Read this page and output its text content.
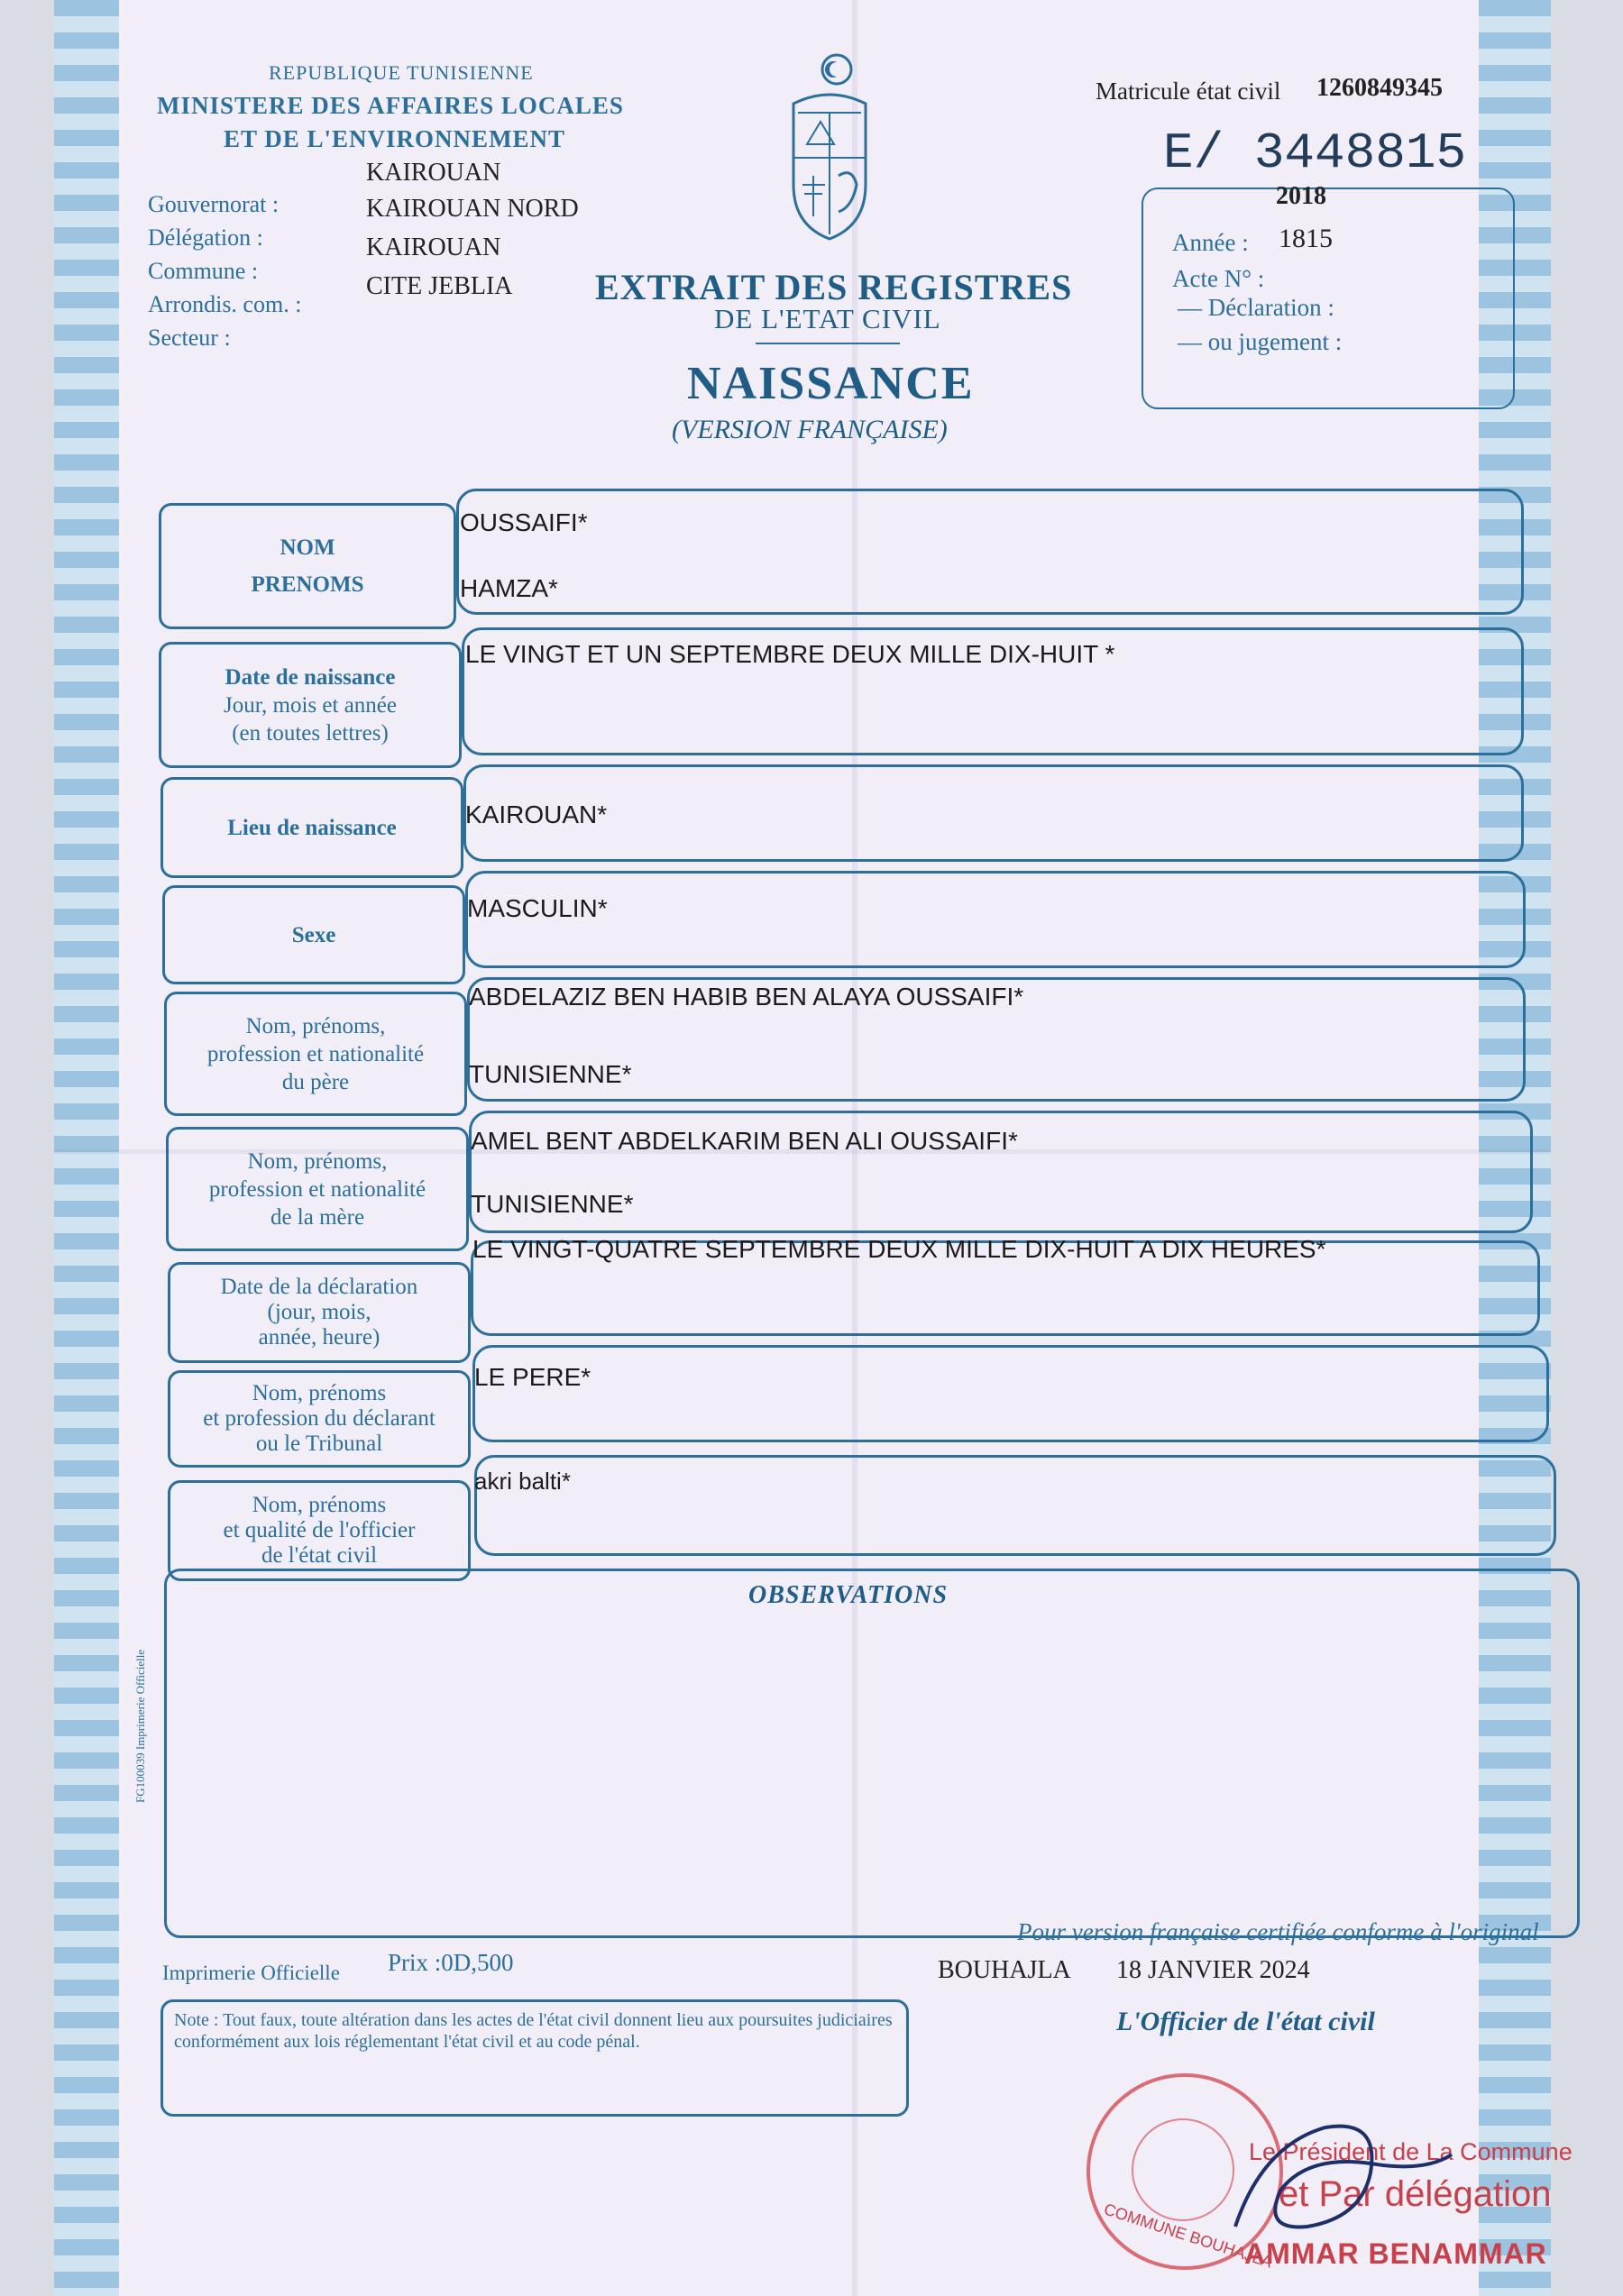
REPUBLIQUE TUNISIENNE
MINISTERE DES AFFAIRES LOCALES
ET DE L'ENVIRONNEMENT
Gouvernorat :
Délégation :
Commune :
Arrondis. com. :
Secteur :
KAIROUAN
KAIROUAN NORD
KAIROUAN
CITE JEBLIA EXTRAIT DES REGISTRES
DE L'ETAT CIVIL
NAISSANCE
(VERSION FRANÇAISE)
Matricule état civil 1260849345
E/ 3448815
2018
Année : 1815
Acte N° :
— Déclaration :
— ou jugement :
NOM
PRENOMS
OUSSAIFI*
HAMZA*
Date de naissance
Jour, mois et année
(en toutes lettres)
LE VINGT ET UN SEPTEMBRE DEUX MILLE DIX-HUIT *
Lieu de naissance	KAIROUAN*
Sexe
MASCULIN*
Nom, prénoms,
profession et nationalité
du père
ABDELAZIZ BEN HABIB BEN ALAYA OUSSAIFI*
TUNISIENNE*
Nom, prénoms,
profession et nationalité
de la mère
AMEL BENT ABDELKARIM BEN ALI OUSSAIFI*
TUNISIENNE*
Date de la déclaration
(jour, mois,
année, heure)
LE VINGT-QUATRE SEPTEMBRE DEUX MILLE DIX-HUIT A DIX HEURES*
Nom, prénoms
et profession du déclarant
ou le Tribunal
LE PERE*
Nom, prénoms
et qualité de l'officier
de l'état civil
akri balti*
OBSERVATIONS
FG100039 Imprimerie Officielle
Pour version française certifiée conforme à l'original
Imprimerie Officielle Prix :0D,500	BOUHAJLA 18 JANVIER 2024
L'Officier de l'état civil
Note : Tout faux, toute altération dans les actes de l'état civil donnent lieu aux poursuites judiciaires conformément aux lois réglementant l'état civil et au code pénal.
COMMUNE BOUHAJLA
Le Président de La Commune
et Par délégation
AMMAR BENAMMAR
